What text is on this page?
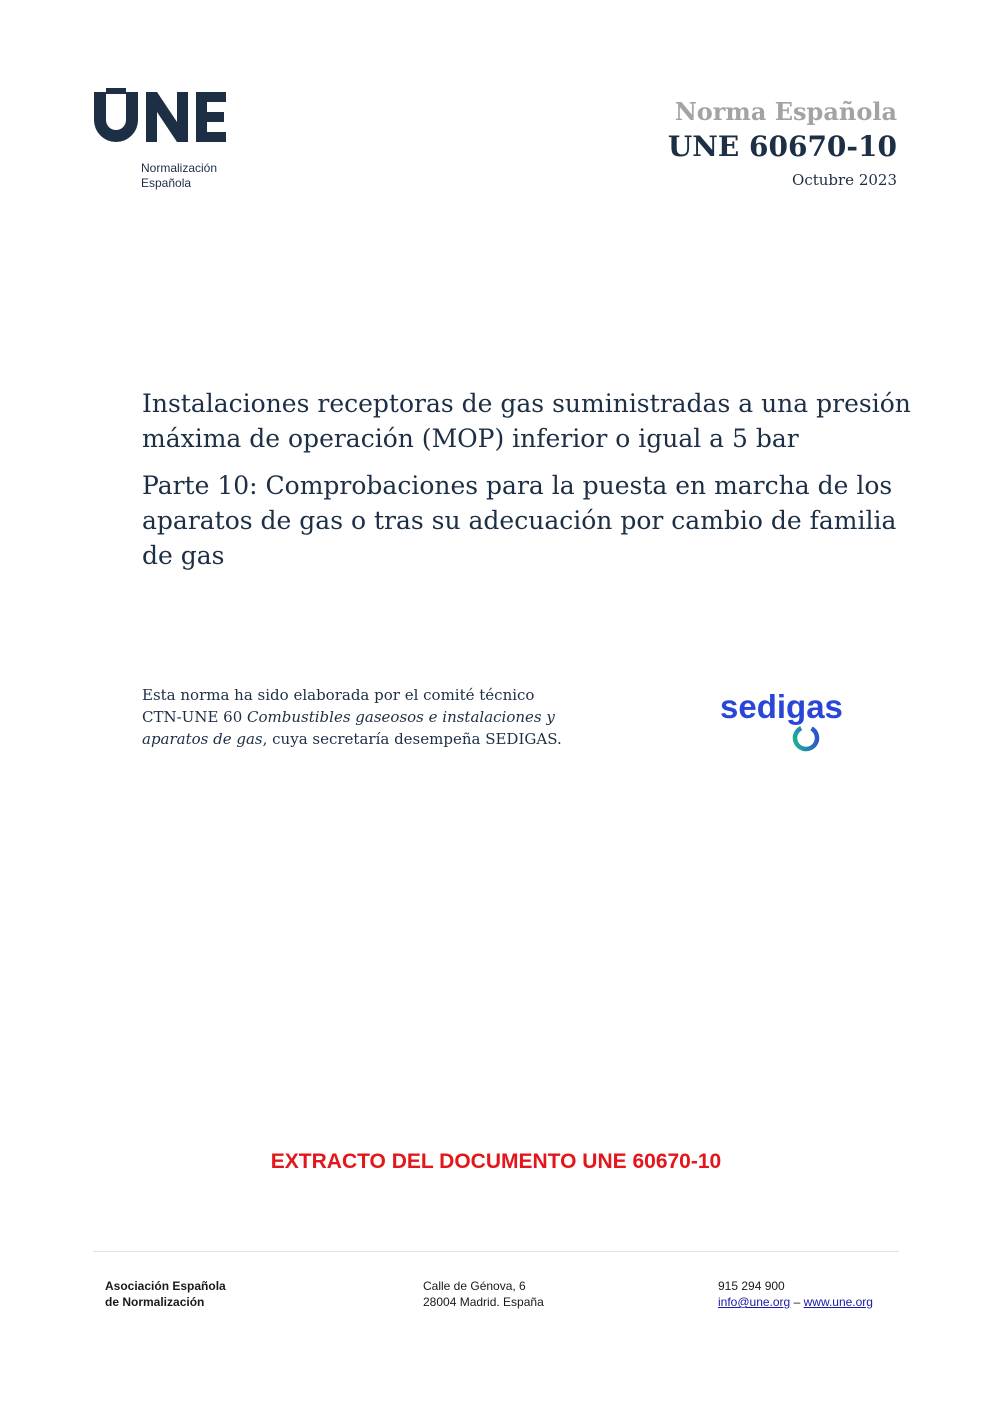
Normalización
Española
Norma Española
UNE 60670-10
Octubre 2023

Instalaciones receptoras de gas suministradas a una presión máxima de operación (MOP) inferior o igual a 5 bar

Parte 10: Comprobaciones para la puesta en marcha de los aparatos de gas o tras su adecuación por cambio de familia de gas

Esta norma ha sido elaborada por el comité técnico
CTN-UNE 60 Combustibles gaseosos e instalaciones y aparatos de gas, cuya secretaría desempeña SEDIGAS.
sedigas
EXTRACTO DEL DOCUMENTO UNE 60670-10
Asociación Española
de Normalización
Calle de Génova, 6
28004 Madrid. España
915 294 900
info@une.org – www.une.org
